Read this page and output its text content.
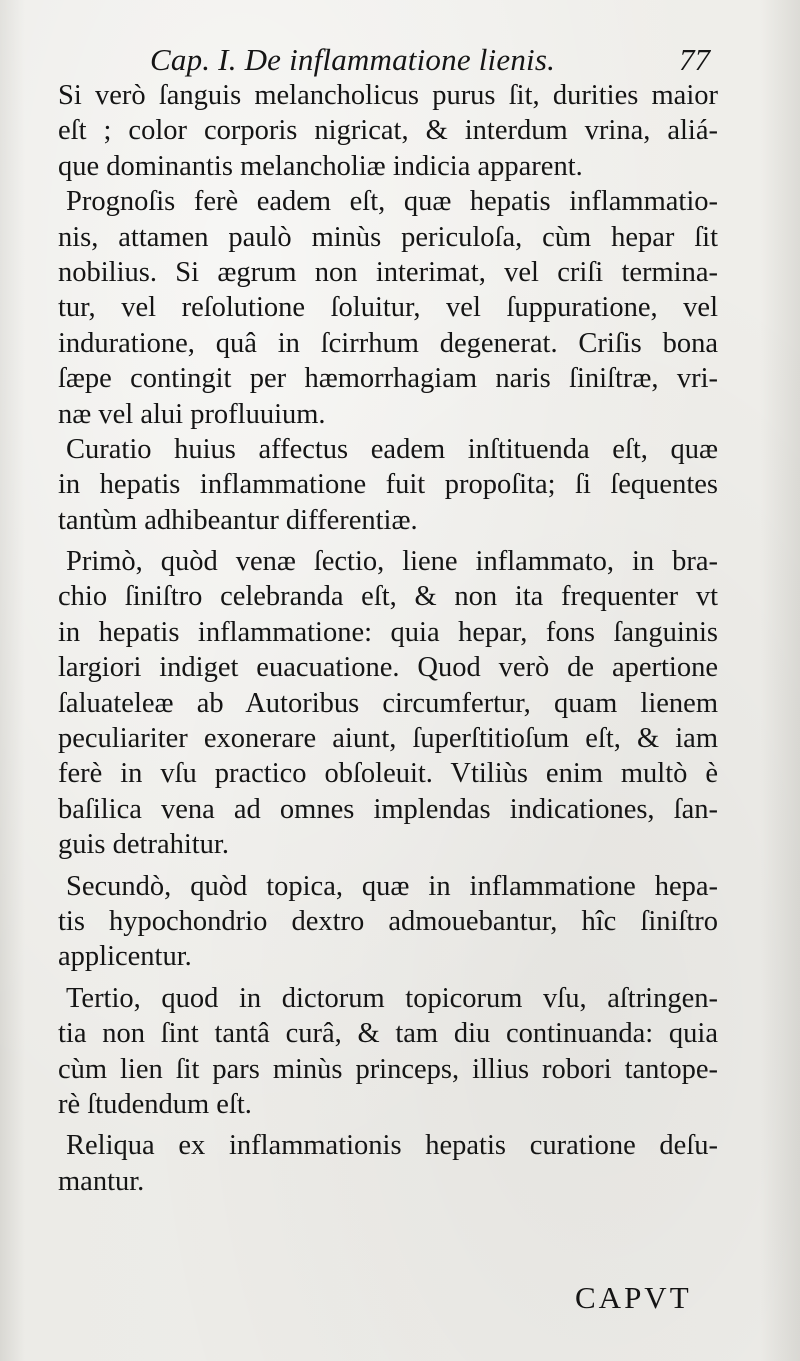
Cap. I. De inflammatione lienis.	77
Si verò ſanguis melancholicus purus ſit, durities maior
eſt ; color corporis nigricat, & interdum vrina, aliá-
que dominantis melancholiæ indicia apparent.
Prognoſis ferè eadem eſt, quæ hepatis inflammatio-
nis, attamen paulò minùs periculoſa, cùm hepar ſit
nobilius. Si ægrum non interimat, vel criſi termina-
tur, vel reſolutione ſoluitur, vel ſuppuratione, vel
induratione, quâ in ſcirrhum degenerat. Criſis bona
ſæpe contingit per hæmorrhagiam naris ſiniſtræ, vri-
næ vel alui profluuium.
Curatio huius affectus eadem inſtituenda eſt, quæ
in hepatis inflammatione fuit propoſita; ſi ſequentes
tantùm adhibeantur differentiæ.
Primò, quòd venæ ſectio, liene inflammato, in bra-
chio ſiniſtro celebranda eſt, & non ita frequenter vt
in hepatis inflammatione: quia hepar, fons ſanguinis
largiori indiget euacuatione. Quod verò de apertione
ſaluateleæ ab Autoribus circumfertur, quam lienem
peculiariter exonerare aiunt, ſuperſtitioſum eſt, & iam
ferè in vſu practico obſoleuit. Vtiliùs enim multò è
baſilica vena ad omnes implendas indicationes, ſan-
guis detrahitur.
Secundò, quòd topica, quæ in inflammatione hepa-
tis hypochondrio dextro admouebantur, hîc ſiniſtro
applicentur.
Tertio, quod in dictorum topicorum vſu, aſtringen-
tia non ſint tantâ curâ, & tam diu continuanda: quia
cùm lien ſit pars minùs princeps, illius robori tantope-
rè ſtudendum eſt.
Reliqua ex inflammationis hepatis curatione deſu-
mantur.
CAPVT
